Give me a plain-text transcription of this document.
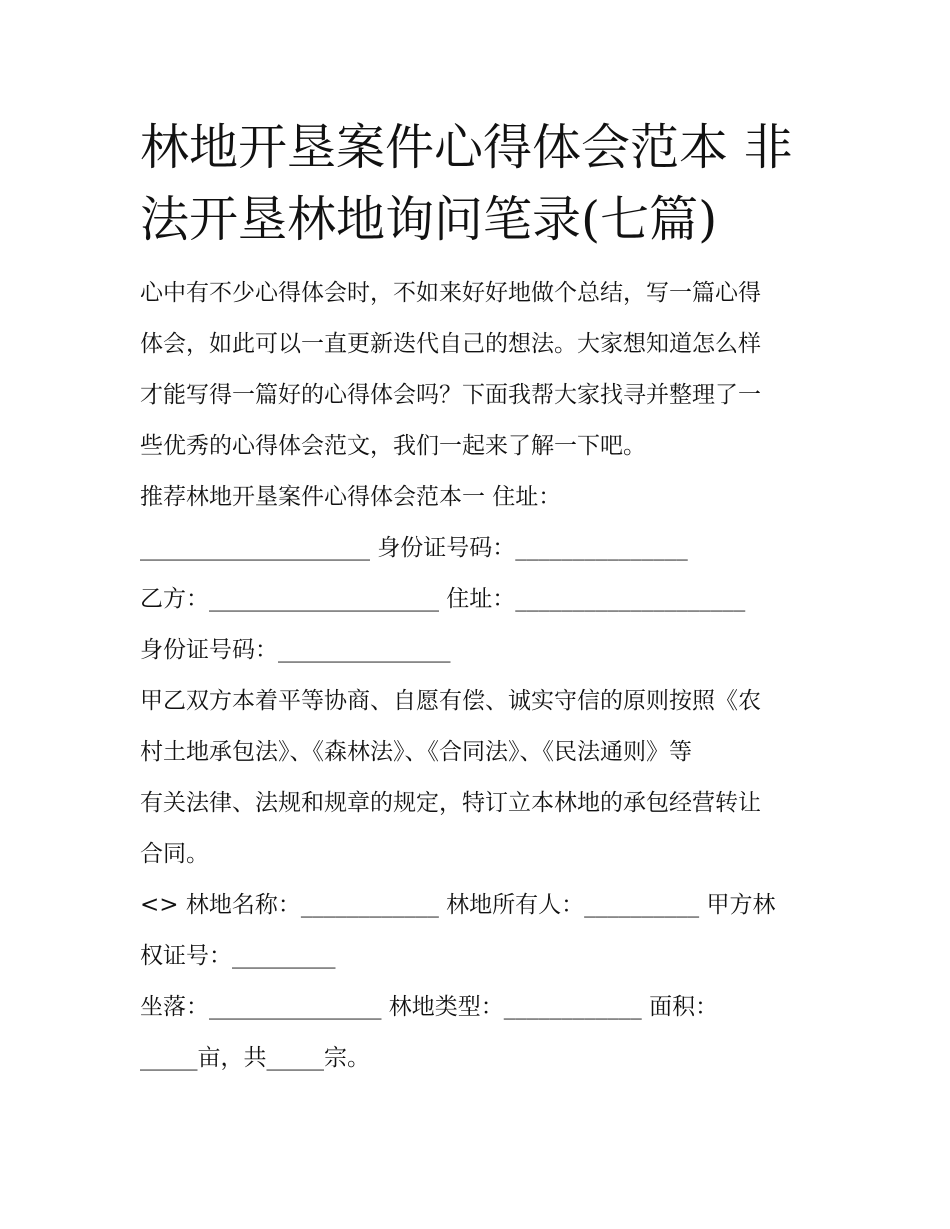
林地开垦案件心得体会范本 非
法开垦林地询问笔录(七篇)

心中有不少心得体会时，不如来好好地做个总结，写一篇心得

体会，如此可以一直更新迭代自己的想法。大家想知道怎么样

才能写得一篇好的心得体会吗？下面我帮大家找寻并整理了一

些优秀的心得体会范文，我们一起来了解一下吧。

推荐林地开垦案件心得体会范本一 住址：

____________________ 身份证号码：_______________

乙方：____________________ 住址：____________________

身份证号码：_______________

甲乙双方本着平等协商、自愿有偿、诚实守信的原则按照《农

村土地承包法》、《森林法》、《合同法》、《民法通则》等

有关法律、法规和规章的规定，特订立本林地的承包经营转让

合同。

<> 林地名称：____________ 林地所有人：__________ 甲方林

权证号：_________

坐落：_______________ 林地类型：____________ 面积：

_____亩，共_____宗。
